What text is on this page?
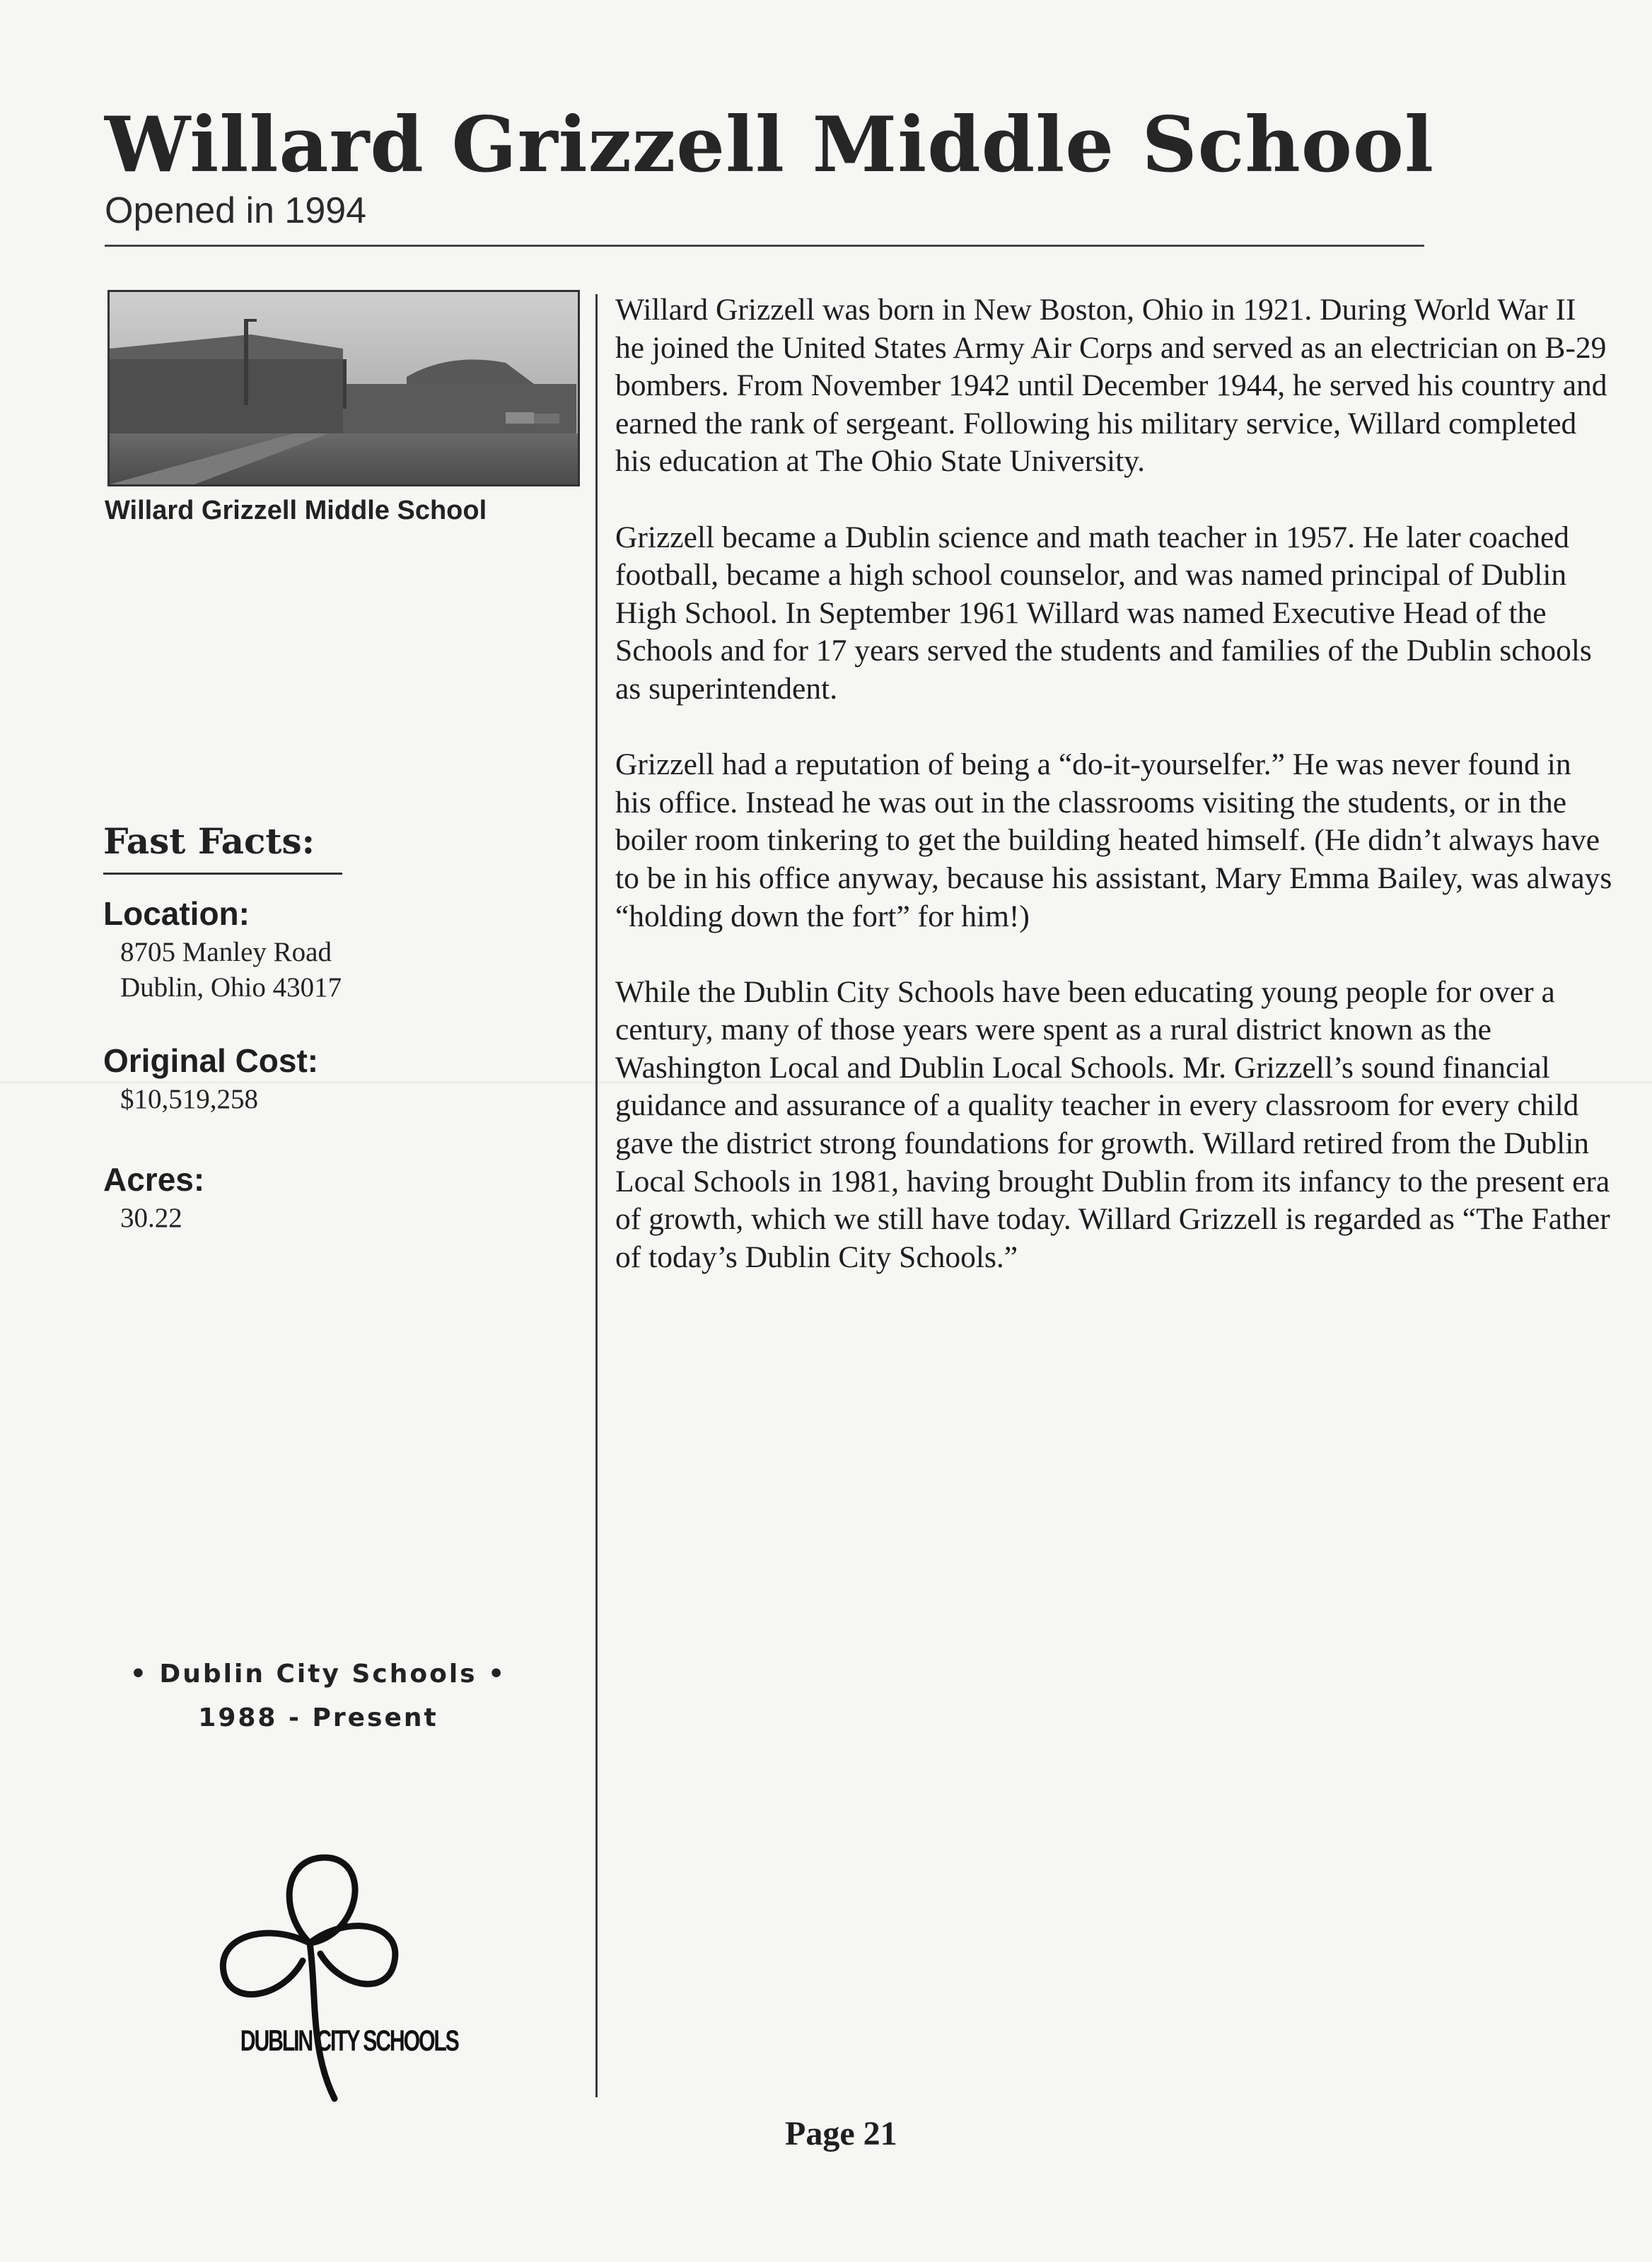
Willard Grizzell Middle School
Opened in 1994
Willard Grizzell Middle School
Fast Facts:
Location:
8705 Manley Road
Dublin, Ohio 43017
Original Cost:
$10,519,258
Acres:
30.22
• Dublin City Schools •
1988 - Present
DUBLIN CITY SCHOOLS

Willard Grizzell was born in New Boston, Ohio in 1921. During World War II he joined the United States Army Air Corps and served as an electrician on B-29 bombers. From November 1942 until December 1944, he served his country and earned the rank of sergeant. Following his military service, Willard completed his education at The Ohio State University.

Grizzell became a Dublin science and math teacher in 1957. He later coached football, became a high school counselor, and was named principal of Dublin High School. In September 1961 Willard was named Executive Head of the Schools and for 17 years served the students and families of the Dublin schools as superintendent.

Grizzell had a reputation of being a “do-it-yourselfer.” He was never found in his office. Instead he was out in the classrooms visiting the students, or in the boiler room tinkering to get the building heated himself. (He didn’t always have to be in his office anyway, because his assistant, Mary Emma Bailey, was always “holding down the fort” for him!)

While the Dublin City Schools have been educating young people for over a century, many of those years were spent as a rural district known as the Washington Local and Dublin Local Schools. Mr. Grizzell’s sound financial guidance and assurance of a quality teacher in every classroom for every child gave the district strong foundations for growth. Willard retired from the Dublin Local Schools in 1981, having brought Dublin from its infancy to the present era of growth, which we still have today. Willard Grizzell is regarded as “The Father of today’s Dublin City Schools.”

Page 21
